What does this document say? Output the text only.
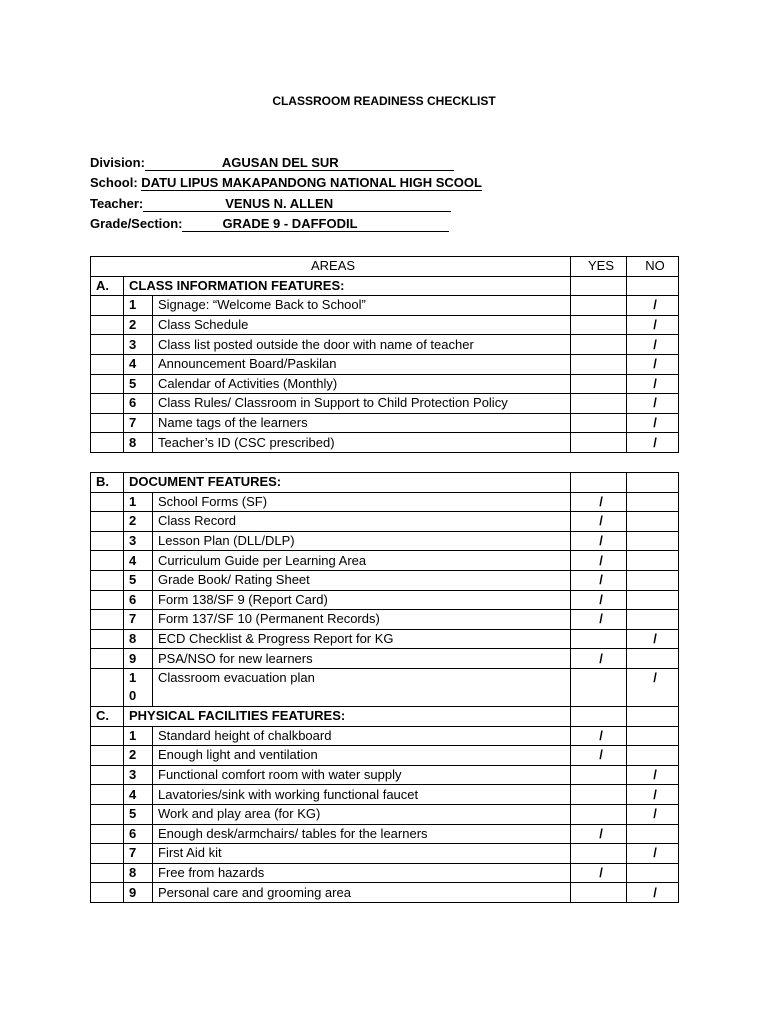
CLASSROOM READINESS CHECKLIST
Division:	AGUSAN DEL SUR
School: DATU LIPUS MAKAPANDONG NATIONAL HIGH SCOOL
Teacher:	VENUS N. ALLEN
Grade/Section:	GRADE 9 - DAFFODIL
AREAS			YES	NO
A.	CLASS INFORMATION FEATURES:			
	1	Signage: “Welcome Back to School”		/
	2	Class Schedule		/
	3	Class list posted outside the door with name of teacher		/
	4	Announcement Board/Paskilan		/
	5	Calendar of Activities (Monthly)		/
	6	Class Rules/ Classroom in Support to Child Protection Policy		/
	7	Name tags of the learners		/
	8	Teacher’s ID (CSC prescribed)		/
B.	DOCUMENT FEATURES:			
	1	School Forms (SF)	/	
	2	Class Record	/	
	3	Lesson Plan (DLL/DLP)	/	
	4	Curriculum Guide per Learning Area	/	
	5	Grade Book/ Rating Sheet	/	
	6	Form 138/SF 9 (Report Card)	/	
	7	Form 137/SF 10 (Permanent Records)	/	
	8	ECD Checklist & Progress Report for KG		/
	9	PSA/NSO for new learners	/	

	1
0	Classroom evacuation plan		/

C.	PHYSICAL FACILITIES FEATURES:			
	1	Standard height of chalkboard	/	
	2	Enough light and ventilation	/	
	3	Functional comfort room with water supply		/
	4	Lavatories/sink with working functional faucet		/
	5	Work and play area (for KG)		/
	6	Enough desk/armchairs/ tables for the learners	/	
	7	First Aid kit		/
	8	Free from hazards	/	
	9	Personal care and grooming area		/
